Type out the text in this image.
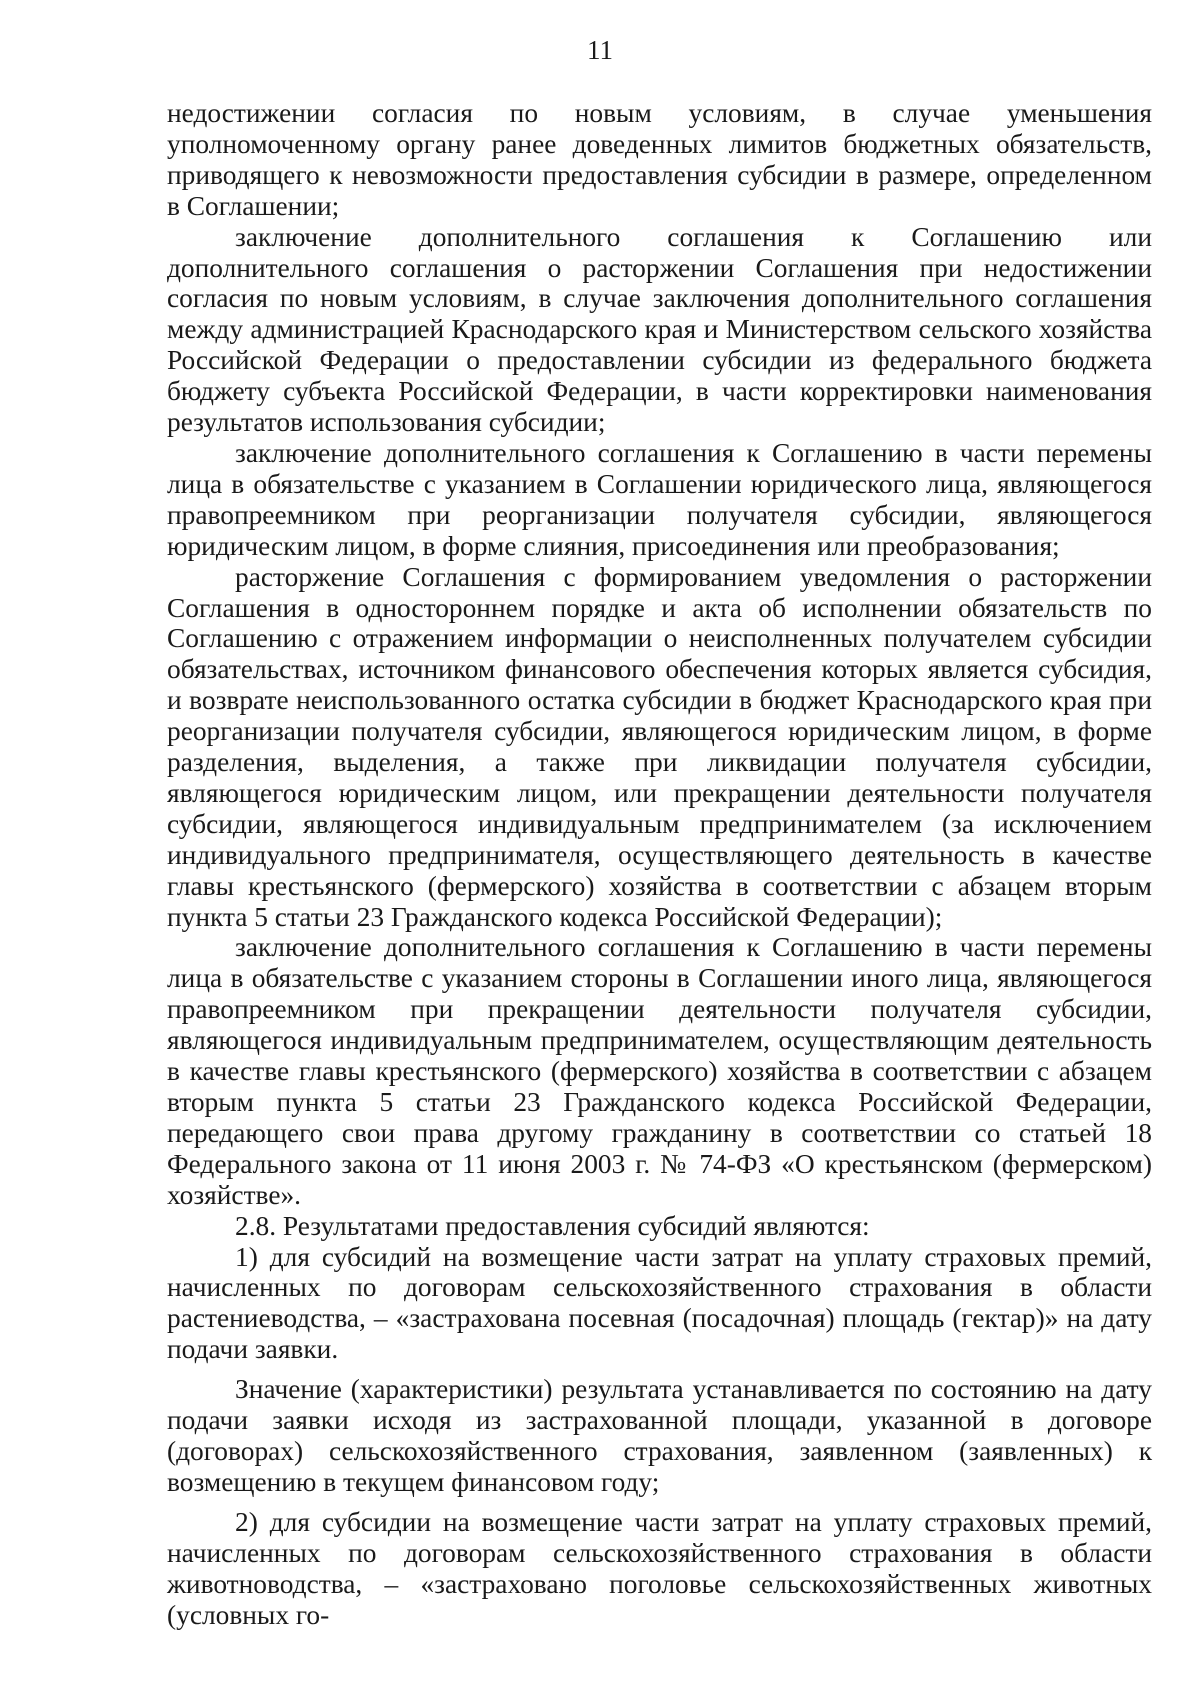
11

недостижении согласия по новым условиям, в случае уменьшения уполномоченному органу ранее доведенных лимитов бюджетных обязательств, приводящего к невозможности предоставления субсидии в размере, определенном в Соглашении;

заключение дополнительного соглашения к Соглашению или дополнительного соглашения о расторжении Соглашения при недостижении согласия по новым условиям, в случае заключения дополнительного соглашения между администрацией Краснодарского края и Министерством сельского хозяйства Российской Федерации о предоставлении субсидии из федерального бюджета бюджету субъекта Российской Федерации, в части корректировки наименования результатов использования субсидии;

заключение дополнительного соглашения к Соглашению в части перемены лица в обязательстве с указанием в Соглашении юридического лица, являющегося правопреемником при реорганизации получателя субсидии, являющегося юридическим лицом, в форме слияния, присоединения или преобразования;

расторжение Соглашения с формированием уведомления о расторжении Соглашения в одностороннем порядке и акта об исполнении обязательств по Соглашению с отражением информации о неисполненных получателем субсидии обязательствах, источником финансового обеспечения которых является субсидия, и возврате неиспользованного остатка субсидии в бюджет Краснодарского края при реорганизации получателя субсидии, являющегося юридическим лицом, в форме разделения, выделения, а также при ликвидации получателя субсидии, являющегося юридическим лицом, или прекращении деятельности получателя субсидии, являющегося индивидуальным предпринимателем (за исключением индивидуального предпринимателя, осуществляющего деятельность в качестве главы крестьянского (фермерского) хозяйства в соответствии с абзацем вторым пункта 5 статьи 23 Гражданского кодекса Российской Федерации);

заключение дополнительного соглашения к Соглашению в части перемены лица в обязательстве с указанием стороны в Соглашении иного лица, являющегося правопреемником при прекращении деятельности получателя субсидии, являющегося индивидуальным предпринимателем, осуществляющим деятельность в качестве главы крестьянского (фермерского) хозяйства в соответствии с абзацем вторым пункта 5 статьи 23 Гражданского кодекса Российской Федерации, передающего свои права другому гражданину в соответствии со статьей 18 Федерального закона от 11 июня 2003 г. № 74-ФЗ «О крестьянском (фермерском) хозяйстве».

2.8. Результатами предоставления субсидий являются:

1) для субсидий на возмещение части затрат на уплату страховых премий, начисленных по договорам сельскохозяйственного страхования в области растениеводства, – «застрахована посевная (посадочная) площадь (гектар)» на дату подачи заявки.

Значение (характеристики) результата устанавливается по состоянию на дату подачи заявки исходя из застрахованной площади, указанной в договоре (договорах) сельскохозяйственного страхования, заявленном (заявленных) к возмещению в текущем финансовом году;

2) для субсидии на возмещение части затрат на уплату страховых премий, начисленных по договорам сельскохозяйственного страхования в области животноводства, – «застраховано поголовье сельскохозяйственных животных (условных го-
